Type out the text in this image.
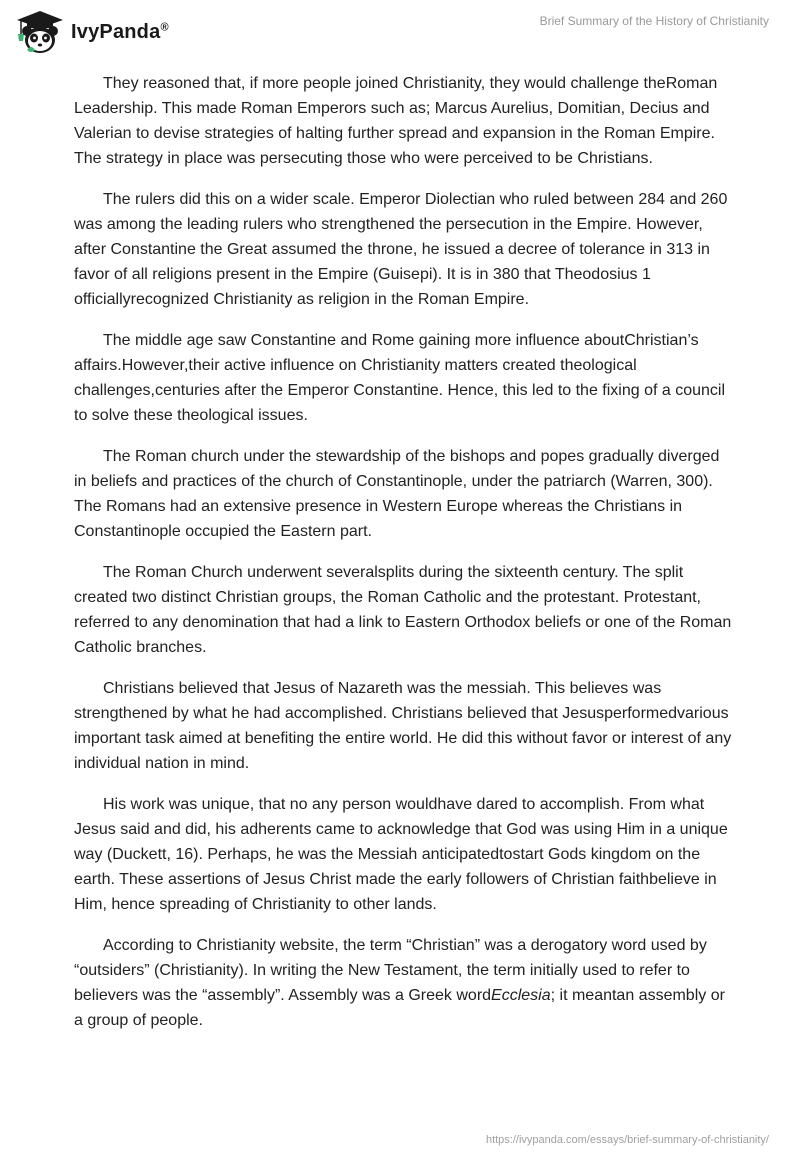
IvyPanda®	Brief Summary of the History of Christianity

They reasoned that, if more people joined Christianity, they would challenge theRoman Leadership. This made Roman Emperors such as; Marcus Aurelius, Domitian, Decius and Valerian to devise strategies of halting further spread and expansion in the Roman Empire. The strategy in place was persecuting those who were perceived to be Christians.

The rulers did this on a wider scale. Emperor Diolectian who ruled between 284 and 260 was among the leading rulers who strengthened the persecution in the Empire. However, after Constantine the Great assumed the throne, he issued a decree of tolerance in 313 in favor of all religions present in the Empire (Guisepi). It is in 380 that Theodosius 1 officiallyrecognized Christianity as religion in the Roman Empire.

The middle age saw Constantine and Rome gaining more influence aboutChristian’s affairs.However,their active influence on Christianity matters created theological challenges,centuries after the Emperor Constantine. Hence, this led to the fixing of a council to solve these theological issues.

The Roman church under the stewardship of the bishops and popes gradually diverged in beliefs and practices of the church of Constantinople, under the patriarch (Warren, 300). The Romans had an extensive presence in Western Europe whereas the Christians in Constantinople occupied the Eastern part.

The Roman Church underwent severalsplits during the sixteenth century. The split created two distinct Christian groups, the Roman Catholic and the protestant. Protestant, referred to any denomination that had a link to Eastern Orthodox beliefs or one of the Roman Catholic branches.

Christians believed that Jesus of Nazareth was the messiah. This believes was strengthened by what he had accomplished. Christians believed that Jesusperformedvarious important task aimed at benefiting the entire world. He did this without favor or interest of any individual nation in mind.

His work was unique, that no any person wouldhave dared to accomplish. From what Jesus said and did, his adherents came to acknowledge that God was using Him in a unique way (Duckett, 16). Perhaps, he was the Messiah anticipatedtostart Gods kingdom on the earth. These assertions of Jesus Christ made the early followers of Christian faithbelieve in Him, hence spreading of Christianity to other lands.

According to Christianity website, the term “Christian” was a derogatory word used by “outsiders” (Christianity). In writing the New Testament, the term initially used to refer to believers was the “assembly”. Assembly was a Greek wordEcclesia; it meantan assembly or a group of people.

https://ivypanda.com/essays/brief-summary-of-christianity/
